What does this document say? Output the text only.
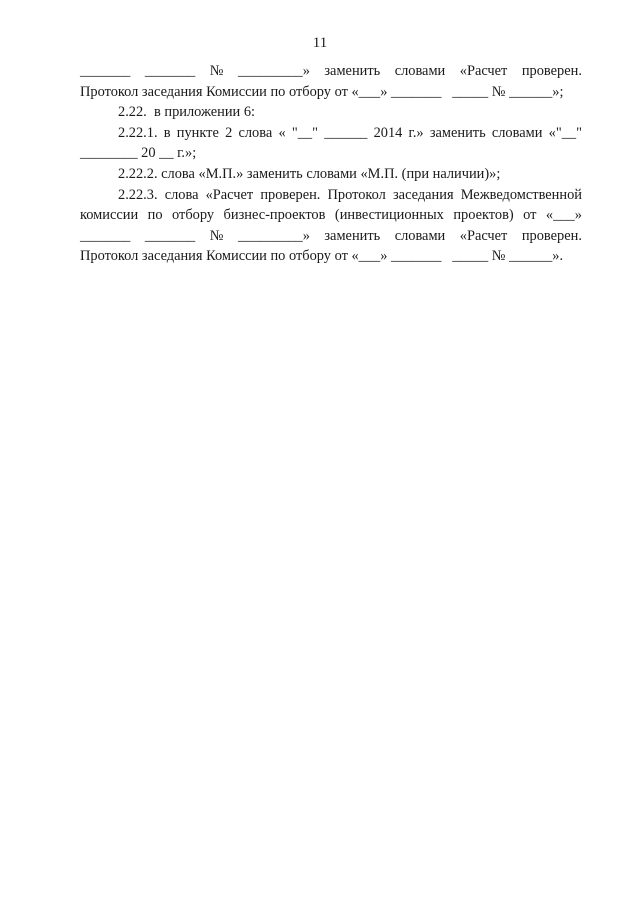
11
_______ _______ № _________» заменить словами «Расчет проверен.
Протокол заседания Комиссии по отбору от «___» _______   _____ № ______»;
2.22.  в приложении 6:
2.22.1. в пункте 2 слова « "__" ______ 2014 г.» заменить словами «"__"
________ 20 __ г.»;
2.22.2. слова «М.П.» заменить словами «М.П. (при наличии)»;
2.22.3. слова «Расчет проверен. Протокол заседания Межведомственной
комиссии по отбору бизнес-проектов (инвестиционных проектов) от «___»
_______ _______ № _________» заменить словами «Расчет проверен.
Протокол заседания Комиссии по отбору от «___» _______   _____ № ______».
